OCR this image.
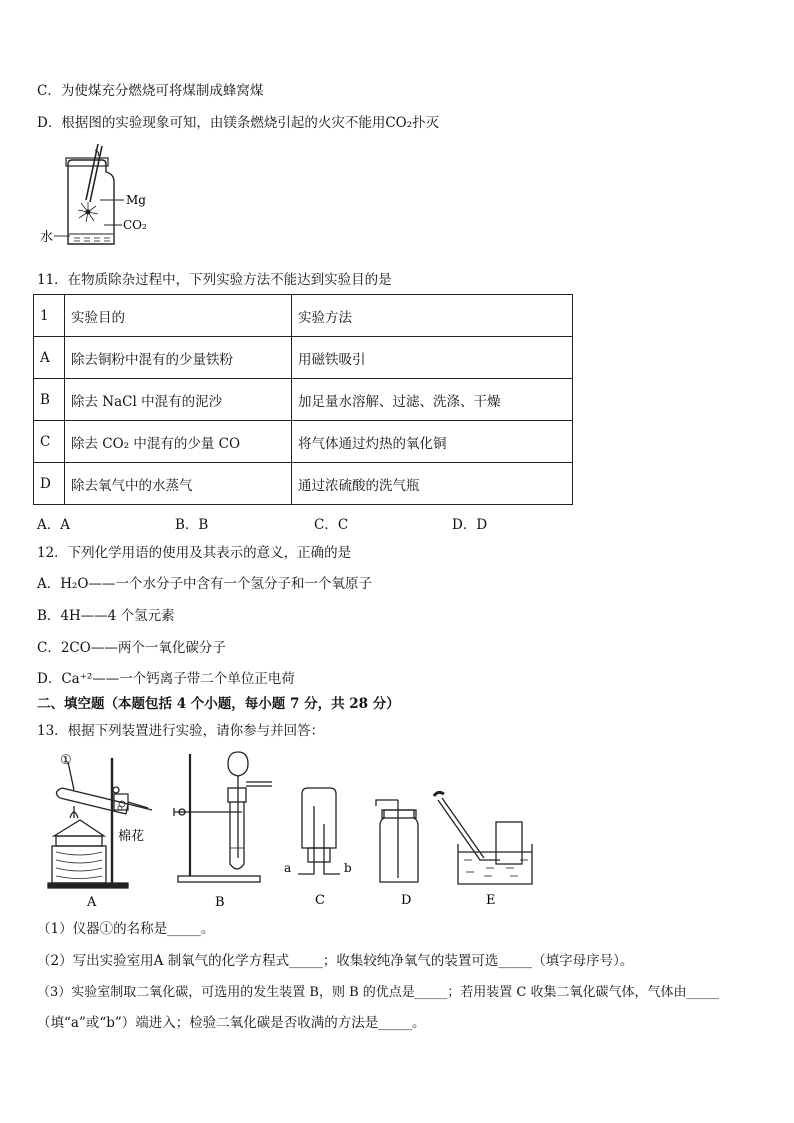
C．为使煤充分燃烧可将煤制成蜂窝煤
D．根据图的实验现象可知，由镁条燃烧引起的火灾不能用CO₂扑灭
Mg
CO₂
水
11．在物质除杂过程中，下列实验方法不能达到实验目的是
1	实验目的	实验方法
A	除去铜粉中混有的少量铁粉	用磁铁吸引
B	除去 NaCl 中混有的泥沙	加足量水溶解、过滤、洗涤、干燥
C	除去 CO₂ 中混有的少量 CO	将气体通过灼热的氧化铜
D	除去氧气中的水蒸气	通过浓硫酸的洗气瓶
A．A	B．B	C．C	D．D
12．下列化学用语的使用及其表示的意义，正确的是
A．H₂O——一个水分子中含有一个氢分子和一个氧原子
B．4H——4 个氢元素
C．2CO——两个一氧化碳分子
D．Ca⁺²——一个钙离子带二个单位正电荷
二、填空题（本题包括 4 个小题，每小题 7 分，共 28 分）
13．根据下列装置进行实验，请你参与并回答：
①
棉花
a	b
A	B	C	D	E
（1）仪器①的名称是_____。
（2）写出实验室用A 制氧气的化学方程式_____；收集较纯净氧气的装置可选_____（填字母序号）。
（3）实验室制取二氧化碳，可选用的发生装置 B，则 B 的优点是_____；若用装置 C 收集二氧化碳气体，气体由_____
（填“a”或“b”）端进入；检验二氧化碳是否收满的方法是_____。
